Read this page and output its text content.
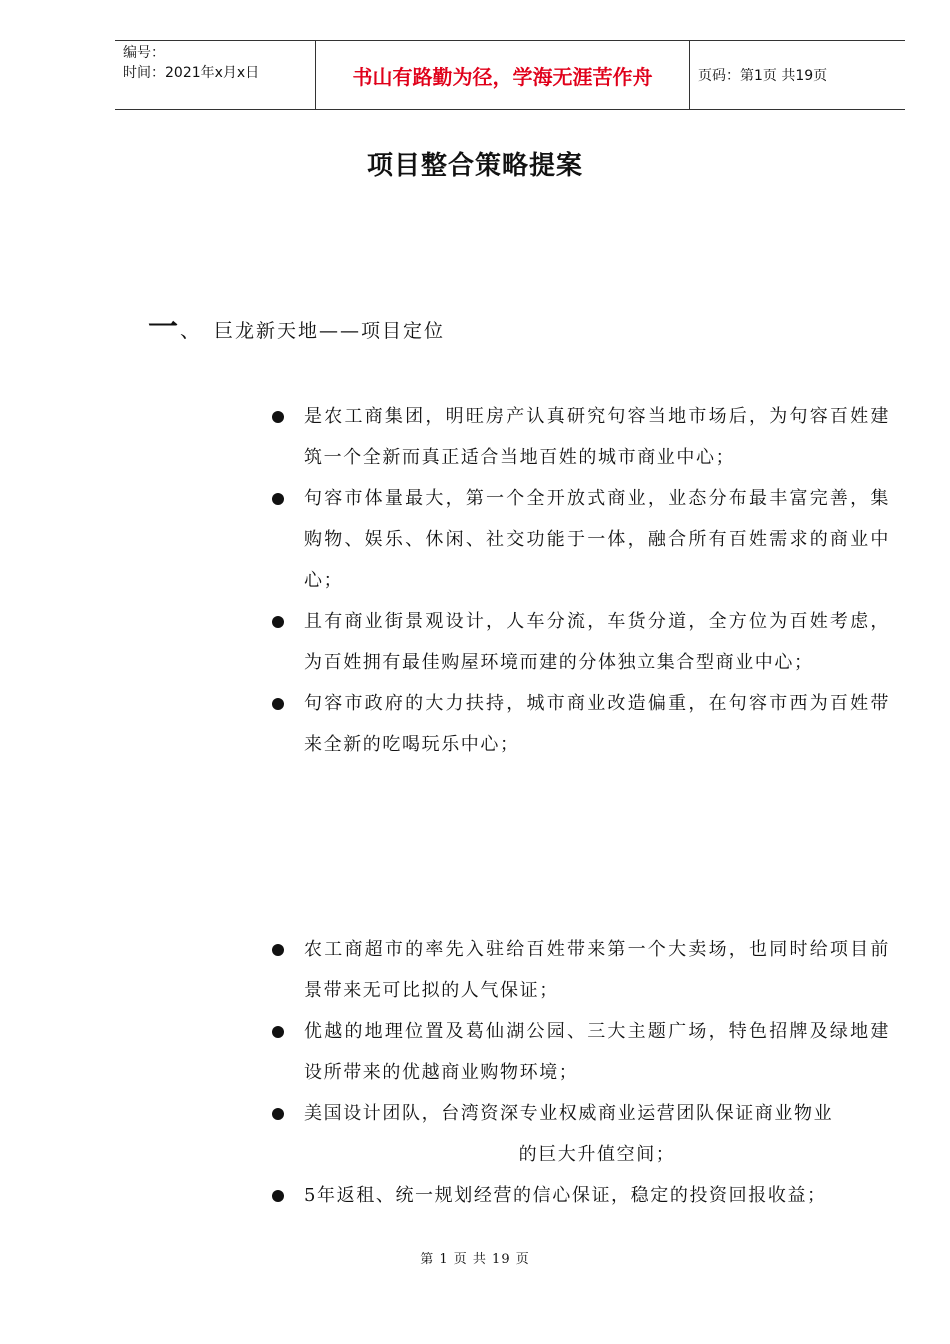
编号：
时间：2021年x月x日	书山有路勤为径，学海无涯苦作舟	页码：第1页 共19页
项目整合策略提案
一 、 巨龙新天地——项目定位
是农工商集团，明旺房产认真研究句容当地市场后，为句容百姓建筑一个全新而真正适合当地百姓的城市商业中心；
句容市体量最大，第一个全开放式商业，业态分布最丰富完善，集购物、娱乐、休闲、社交功能于一体，融合所有百姓需求的商业中心；
且有商业街景观设计，人车分流，车货分道，全方位为百姓考虑，为百姓拥有最佳购屋环境而建的分体独立集合型商业中心；
句容市政府的大力扶持，城市商业改造偏重，在句容市西为百姓带来全新的吃喝玩乐中心；
农工商超市的率先入驻给百姓带来第一个大卖场，也同时给项目前景带来无可比拟的人气保证；
优越的地理位置及葛仙湖公园、三大主题广场，特色招牌及绿地建设所带来的优越商业购物环境；
美国设计团队，台湾资深专业权威商业运营团队保证商业物业
的巨大升值空间；
5年返租、统一规划经营的信心保证，稳定的投资回报收益；
第 1 页 共 19 页
